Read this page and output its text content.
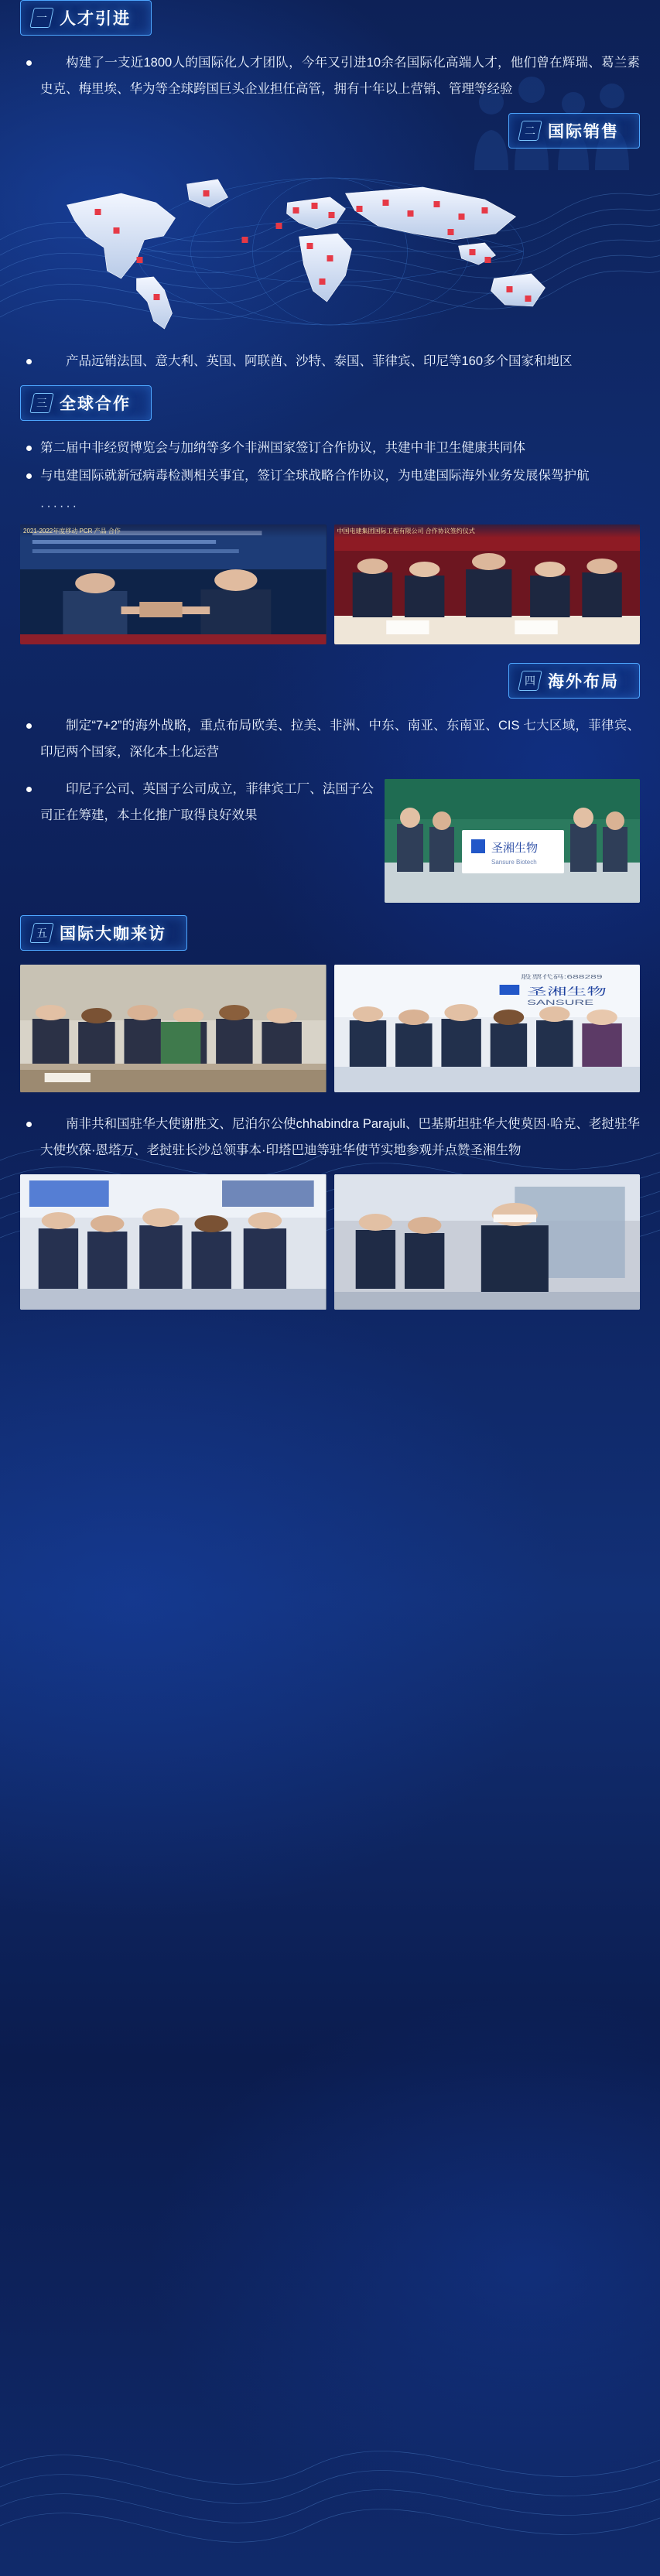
一 人才引进
构建了一支近1800人的国际化人才团队，今年又引进10余名国际化高端人才，他们曾在辉瑞、葛兰素史克、梅里埃、华为等全球跨国巨头企业担任高管，拥有十年以上营销、管理等经验
二 国际销售
产品远销法国、意大利、英国、阿联酋、沙特、泰国、菲律宾、印尼等160多个国家和地区
三 全球合作
第二届中非经贸博览会与加纳等多个非洲国家签订合作协议，共建中非卫生健康共同体
与电建国际就新冠病毒检测相关事宜，签订全球战略合作协议，为电建国际海外业务发展保驾护航
······
2021-2022年度移动 PCR 产品 合作	中国电建集团国际工程有限公司 合作协议签约仪式
四 海外布局
制定“7+2”的海外战略，重点布局欧美、拉美、非洲、中东、南亚、东南亚、CIS 七大区域，菲律宾、印尼两个国家，深化本土化运营
圣湘生物
Sansure Biotech
印尼子公司、英国子公司成立，菲律宾工厂、法国子公司正在筹建，本土化推广取得良好效果
五 国际大咖来访
股票代码:688289
圣湘生物
SANSURE
南非共和国驻华大使谢胜文、尼泊尔公使chhabindra Parajuli、巴基斯坦驻华大使莫因·哈克、老挝驻华大使坎葆·恩塔万、老挝驻长沙总领事本·印塔巴迪等驻华使节实地参观并点赞圣湘生物
